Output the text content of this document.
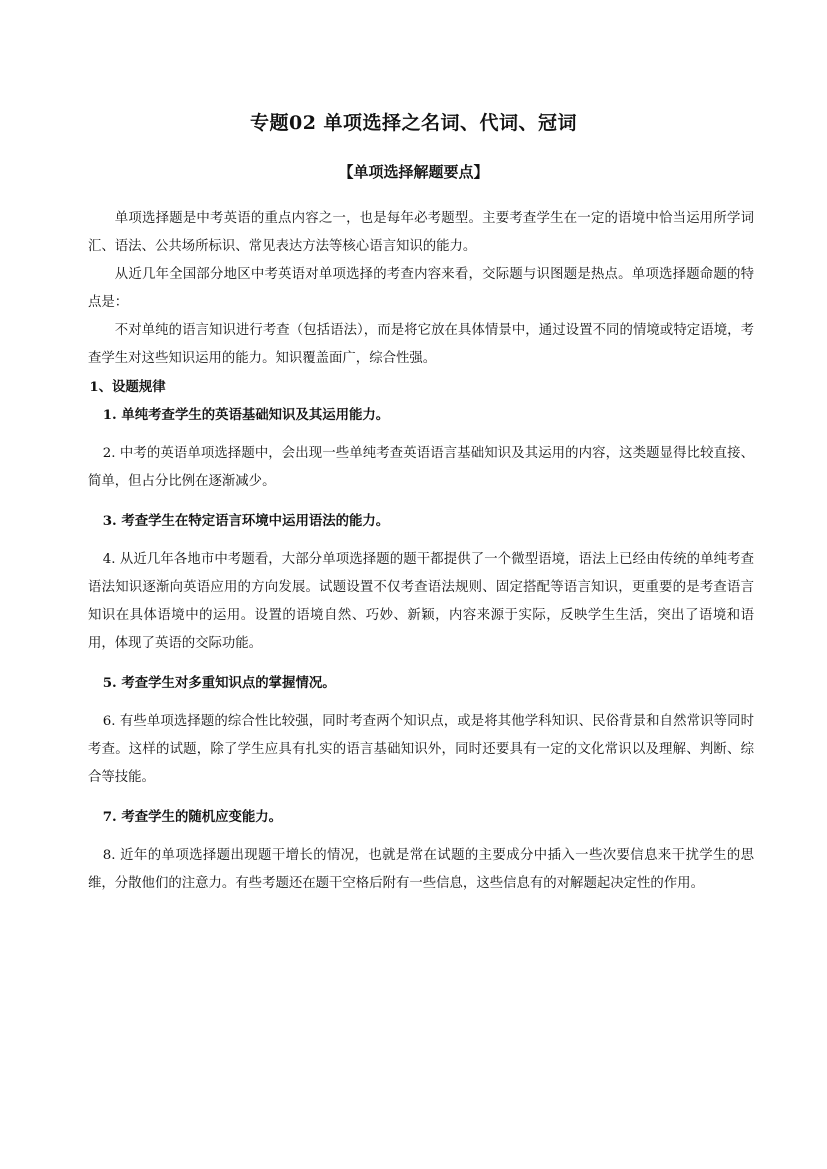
专题02 单项选择之名词、代词、冠词
【单项选择解题要点】

单项选择题是中考英语的重点内容之一，也是每年必考题型。主要考查学生在一定的语境中恰当运用所学词汇、语法、公共场所标识、常见表达方法等核心语言知识的能力。

从近几年全国部分地区中考英语对单项选择的考查内容来看，交际题与识图题是热点。单项选择题命题的特点是：

不对单纯的语言知识进行考查（包括语法），而是将它放在具体情景中，通过设置不同的情境或特定语境，考查学生对这些知识运用的能力。知识覆盖面广，综合性强。

1、设题规律

1. 单纯考查学生的英语基础知识及其运用能力。

2. 中考的英语单项选择题中，会出现一些单纯考查英语语言基础知识及其运用的内容，这类题显得比较直接、简单，但占分比例在逐渐减少。

3. 考查学生在特定语言环境中运用语法的能力。

4. 从近几年各地市中考题看，大部分单项选择题的题干都提供了一个微型语境，语法上已经由传统的单纯考查语法知识逐渐向英语应用的方向发展。试题设置不仅考查语法规则、固定搭配等语言知识，更重要的是考查语言知识在具体语境中的运用。设置的语境自然、巧妙、新颖，内容来源于实际，反映学生生活，突出了语境和语用，体现了英语的交际功能。

5. 考查学生对多重知识点的掌握情况。

6. 有些单项选择题的综合性比较强，同时考查两个知识点，或是将其他学科知识、民俗背景和自然常识等同时考查。这样的试题，除了学生应具有扎实的语言基础知识外，同时还要具有一定的文化常识以及理解、判断、综合等技能。

7. 考查学生的随机应变能力。

8. 近年的单项选择题出现题干增长的情况，也就是常在试题的主要成分中插入一些次要信息来干扰学生的思维，分散他们的注意力。有些考题还在题干空格后附有一些信息，这些信息有的对解题起决定性的作用。
